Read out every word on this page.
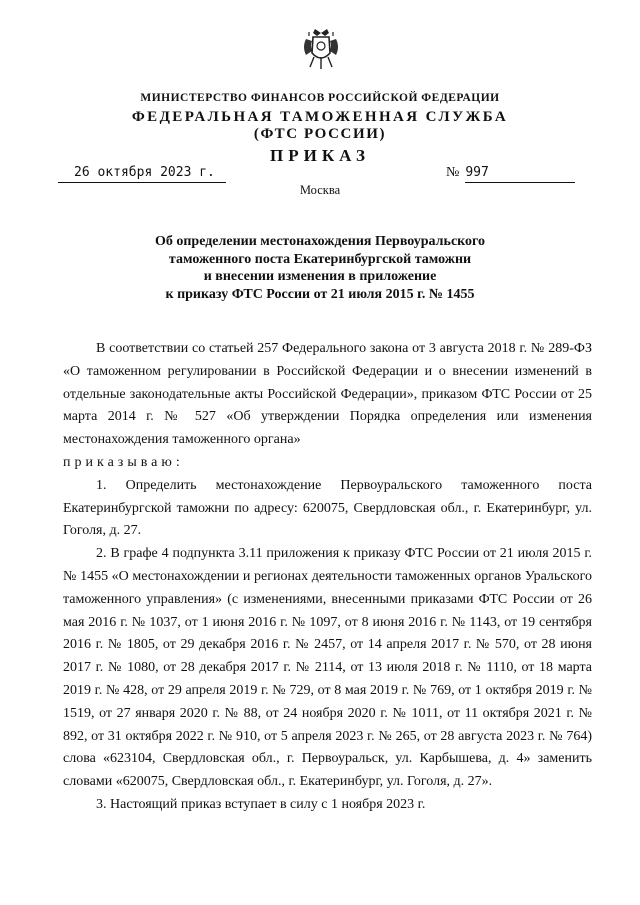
МИНИСТЕРСТВО ФИНАНСОВ РОССИЙСКОЙ ФЕДЕРАЦИИ
ФЕДЕРАЛЬНАЯ ТАМОЖЕННАЯ СЛУЖБА
(ФТС РОССИИ)
ПРИКАЗ
26 октября 2023 г.	№ 997
Москва
Об определении местонахождения Первоуральского
таможенного поста Екатеринбургской таможни
и внесении изменения в приложение
к приказу ФТС России от 21 июля 2015 г. № 1455

В соответствии со статьей 257 Федерального закона от 3 августа 2018 г. № 289-ФЗ «О таможенном регулировании в Российской Федерации и о внесении изменений в отдельные законодательные акты Российской Федерации», приказом ФТС России от 25 марта 2014 г. № 527 «Об утверждении Порядка определения или изменения местонахождения таможенного органа»

приказываю:

1. Определить местонахождение Первоуральского таможенного поста Екатеринбургской таможни по адресу: 620075, Свердловская обл., г. Екатеринбург, ул. Гоголя, д. 27.

2. В графе 4 подпункта 3.11 приложения к приказу ФТС России от 21 июля 2015 г. № 1455 «О местонахождении и регионах деятельности таможенных органов Уральского таможенного управления» (с изменениями, внесенными приказами ФТС России от 26 мая 2016 г. № 1037, от 1 июня 2016 г. № 1097, от 8 июня 2016 г. № 1143, от 19 сентября 2016 г. № 1805, от 29 декабря 2016 г. № 2457, от 14 апреля 2017 г. № 570, от 28 июня 2017 г. № 1080, от 28 декабря 2017 г. № 2114, от 13 июля 2018 г. № 1110, от 18 марта 2019 г. № 428, от 29 апреля 2019 г. № 729, от 8 мая 2019 г. № 769, от 1 октября 2019 г. № 1519, от 27 января 2020 г. № 88, от 24 ноября 2020 г. № 1011, от 11 октября 2021 г. № 892, от 31 октября 2022 г. № 910, от 5 апреля 2023 г. № 265, от 28 августа 2023 г. № 764) слова «623104, Свердловская обл., г. Первоуральск, ул. Карбышева, д. 4» заменить словами «620075, Свердловская обл., г. Екатеринбург, ул. Гоголя, д. 27».

3. Настоящий приказ вступает в силу с 1 ноября 2023 г.
